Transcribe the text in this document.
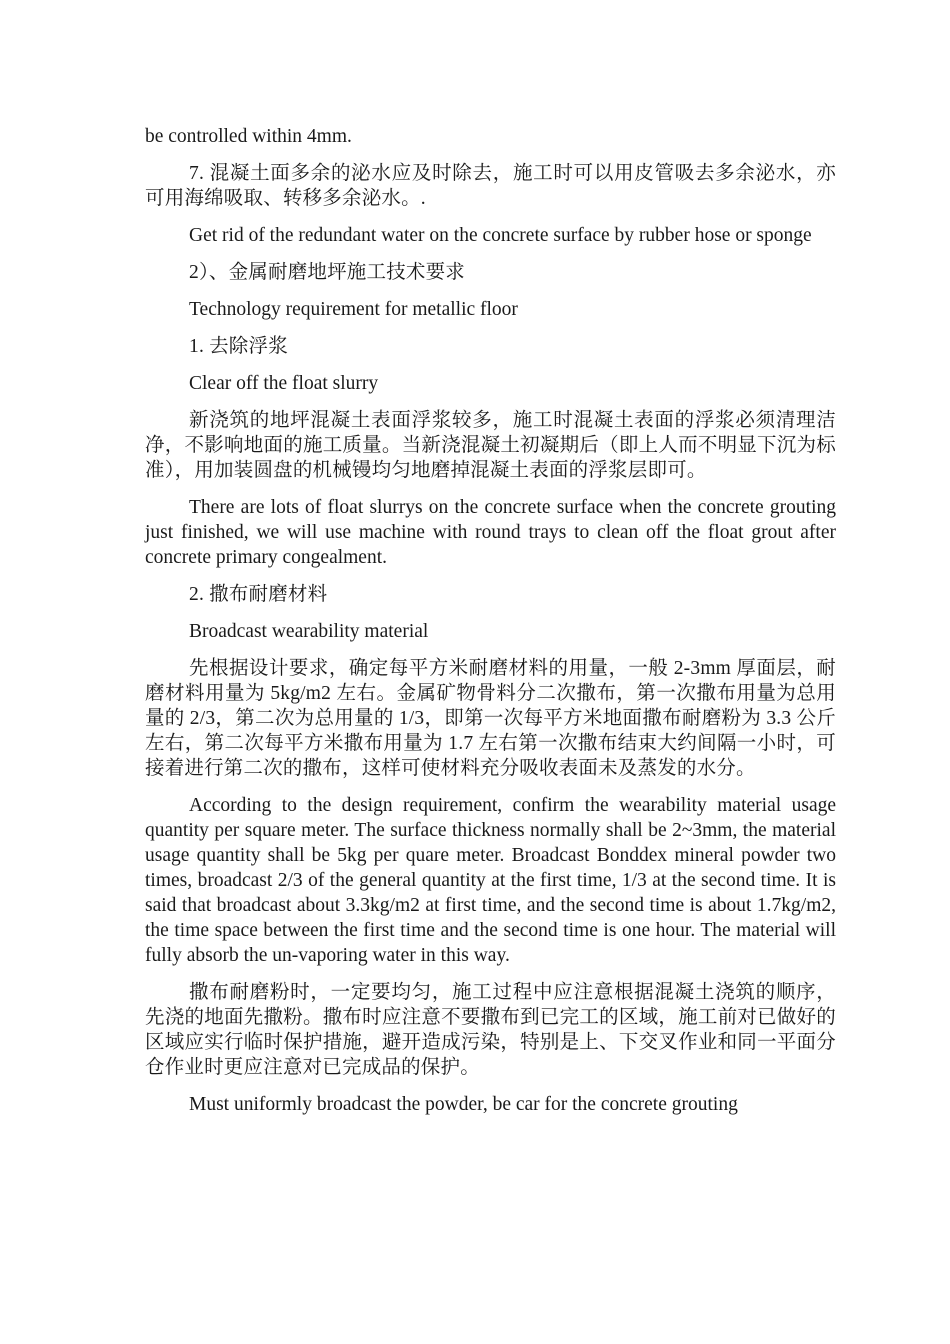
be controlled within 4mm.

7. 混凝土面多余的泌水应及时除去，施工时可以用皮管吸去多余泌水，亦可用海绵吸取、转移多余泌水。.

Get rid of the redundant water on the concrete surface by rubber hose or sponge

2）、金属耐磨地坪施工技术要求

Technology requirement for metallic floor

1. 去除浮浆

Clear off the float slurry

新浇筑的地坪混凝土表面浮浆较多，施工时混凝土表面的浮浆必须清理洁净，不影响地面的施工质量。当新浇混凝土初凝期后（即上人而不明显下沉为标准），用加装圆盘的机械镘均匀地磨掉混凝土表面的浮浆层即可。

There are lots of float slurrys on the concrete surface when the concrete grouting just finished, we will use machine with round trays to clean off the float grout after concrete primary congealment.

2. 撒布耐磨材料

Broadcast wearability material

先根据设计要求，确定每平方米耐磨材料的用量，一般 2-3mm 厚面层，耐磨材料用量为 5kg/m2 左右。金属矿物骨料分二次撒布，第一次撒布用量为总用量的 2/3，第二次为总用量的 1/3，即第一次每平方米地面撒布耐磨粉为 3.3 公斤左右，第二次每平方米撒布用量为 1.7 左右第一次撒布结束大约间隔一小时，可接着进行第二次的撒布，这样可使材料充分吸收表面未及蒸发的水分。

According to the design requirement, confirm the wearability material usage quantity per square meter. The surface thickness normally shall be 2~3mm, the material usage quantity shall be 5kg per quare meter. Broadcast Bonddex mineral powder two times, broadcast 2/3 of the general quantity at the first time, 1/3 at the second time. It is said that broadcast about 3.3kg/m2 at first time, and the second time is about 1.7kg/m2, the time space between the first time and the second time is one hour. The material will fully absorb the un-vaporing water in this way.

撒布耐磨粉时，一定要均匀，施工过程中应注意根据混凝土浇筑的顺序，先浇的地面先撒粉。撒布时应注意不要撒布到已完工的区域，施工前对已做好的区域应实行临时保护措施，避开造成污染，特别是上、下交叉作业和同一平面分仓作业时更应注意对已完成品的保护。

Must uniformly broadcast the powder, be car for the concrete grouting
